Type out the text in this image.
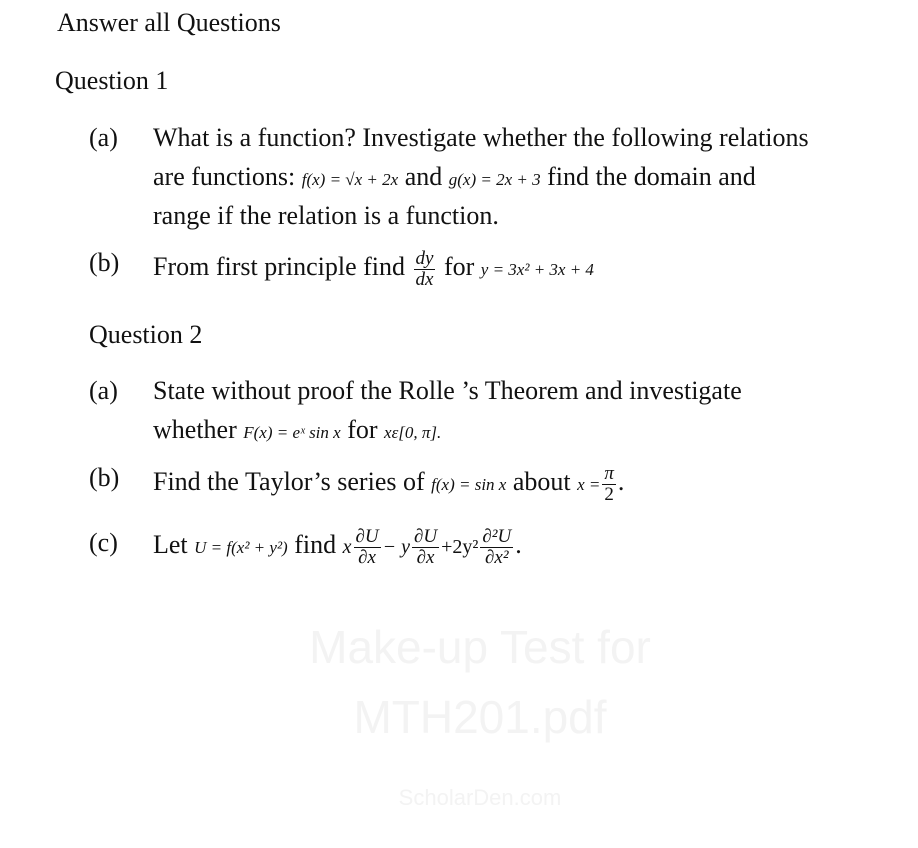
Make-up Test for
MTH201.pdf
ScholarDen.com
Answer all Questions
Question 1
(a) What is a function? Investigate whether the following relations
are functions: f(x) = √x + 2x and g(x) = 2x + 3 find the domain and
range if the relation is a function.
(b) From first principle find $\frac{dy}{dx}$ for y = 3x² + 3x + 4
Question 2
(a) State without proof the Rolle ’s Theorem and investigate
whether F(x) = eˣ sin x for xε[0, π].
(b) Find the Taylor’s series of f(x) = sin x about $x = \frac{\pi}{2}$ .
(c) Let U = f(x² + y²) find x $\frac{\partial U}{\partial x} - y \frac{\partial U}{\partial x} +2y^2 \frac{\text{∂²U}}{\text{∂x²}}$ .
